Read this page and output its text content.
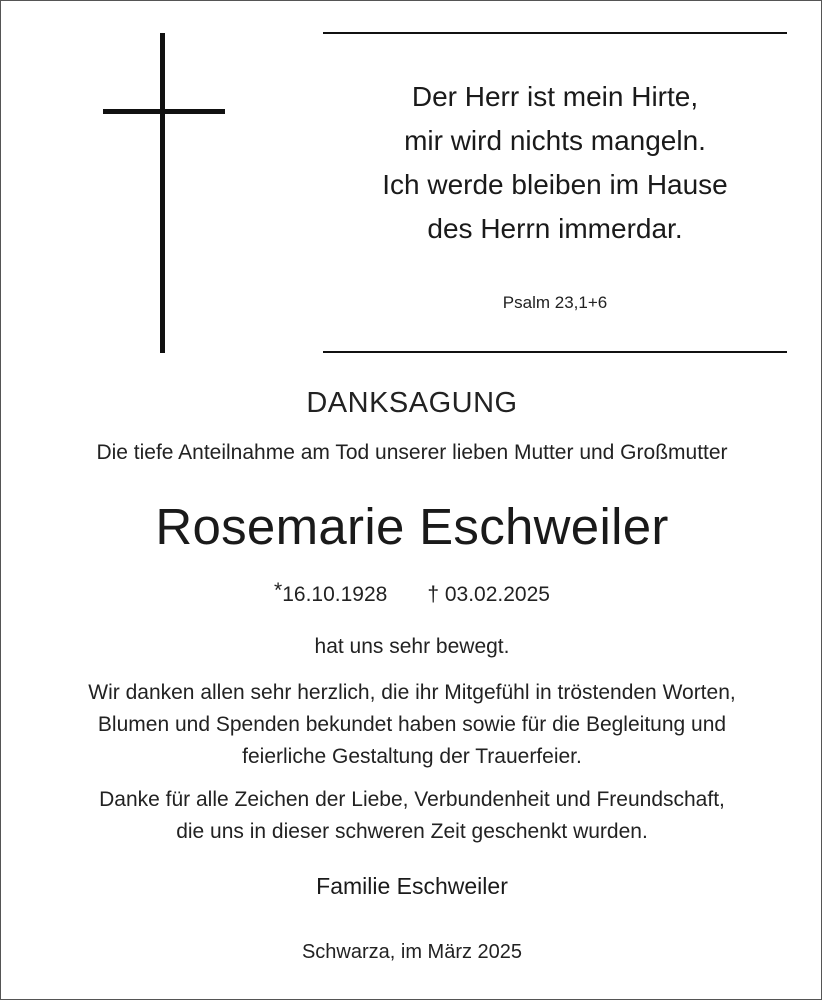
Der Herr ist mein Hirte,
mir wird nichts mangeln.
Ich werde bleiben im Hause
des Herrn immerdar.
Psalm 23,1+6
DANKSAGUNG
Die tiefe Anteilnahme am Tod unserer lieben Mutter und Großmutter
Rosemarie Eschweiler
*16.10.1928 † 03.02.2025
hat uns sehr bewegt.
Wir danken allen sehr herzlich, die ihr Mitgefühl in tröstenden Worten,
Blumen und Spenden bekundet haben sowie für die Begleitung und
feierliche Gestaltung der Trauerfeier.
Danke für alle Zeichen der Liebe, Verbundenheit und Freundschaft,
die uns in dieser schweren Zeit geschenkt wurden.
Familie Eschweiler
Schwarza, im März 2025
